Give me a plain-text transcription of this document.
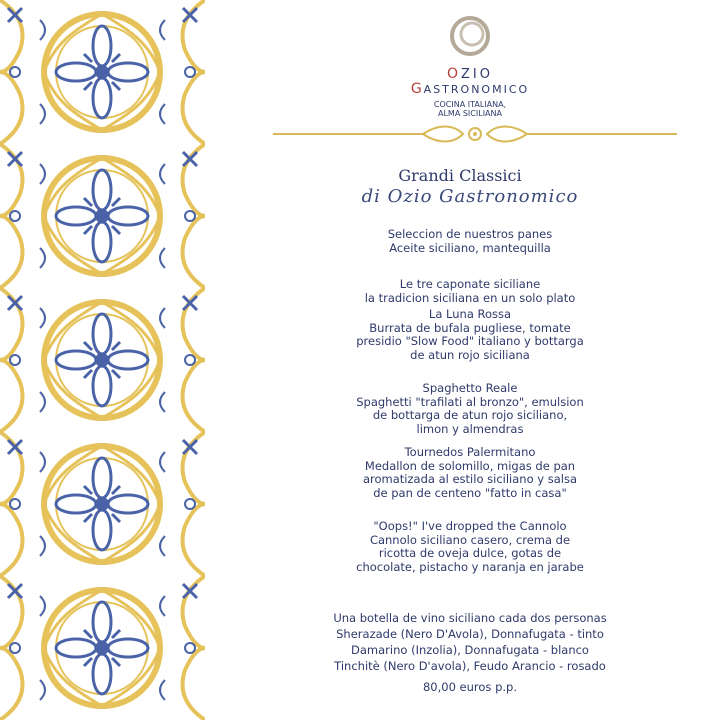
OZIO
GASTRONOMICO
COCINA ITALIANA,
ALMA SICILIANA
Grandi Classici
di Ozio Gastronomico
Seleccion de nuestros panes
Aceite siciliano, mantequilla
Le tre caponate siciliane
la tradicion siciliana en un solo plato
La Luna Rossa
Burrata de bufala pugliese, tomate
presidio "Slow Food" italiano y bottarga
de atun rojo siciliana
Spaghetto Reale
Spaghetti "trafilati al bronzo", emulsion
de bottarga de atun rojo siciliano,
limon y almendras
Tournedos Palermitano
Medallon de solomillo, migas de pan
aromatizada al estilo siciliano y salsa
de pan de centeno "fatto in casa"
"Oops!" I've dropped the Cannolo
Cannolo siciliano casero, crema de
ricotta de oveja dulce, gotas de
chocolate, pistacho y naranja en jarabe
Una botella de vino siciliano cada dos personas
Sherazade (Nero D'Avola), Donnafugata - tinto
Damarino (Inzolia), Donnafugata - blanco
Tinchitè (Nero D'avola), Feudo Arancio - rosado
80,00 euros p.p.
